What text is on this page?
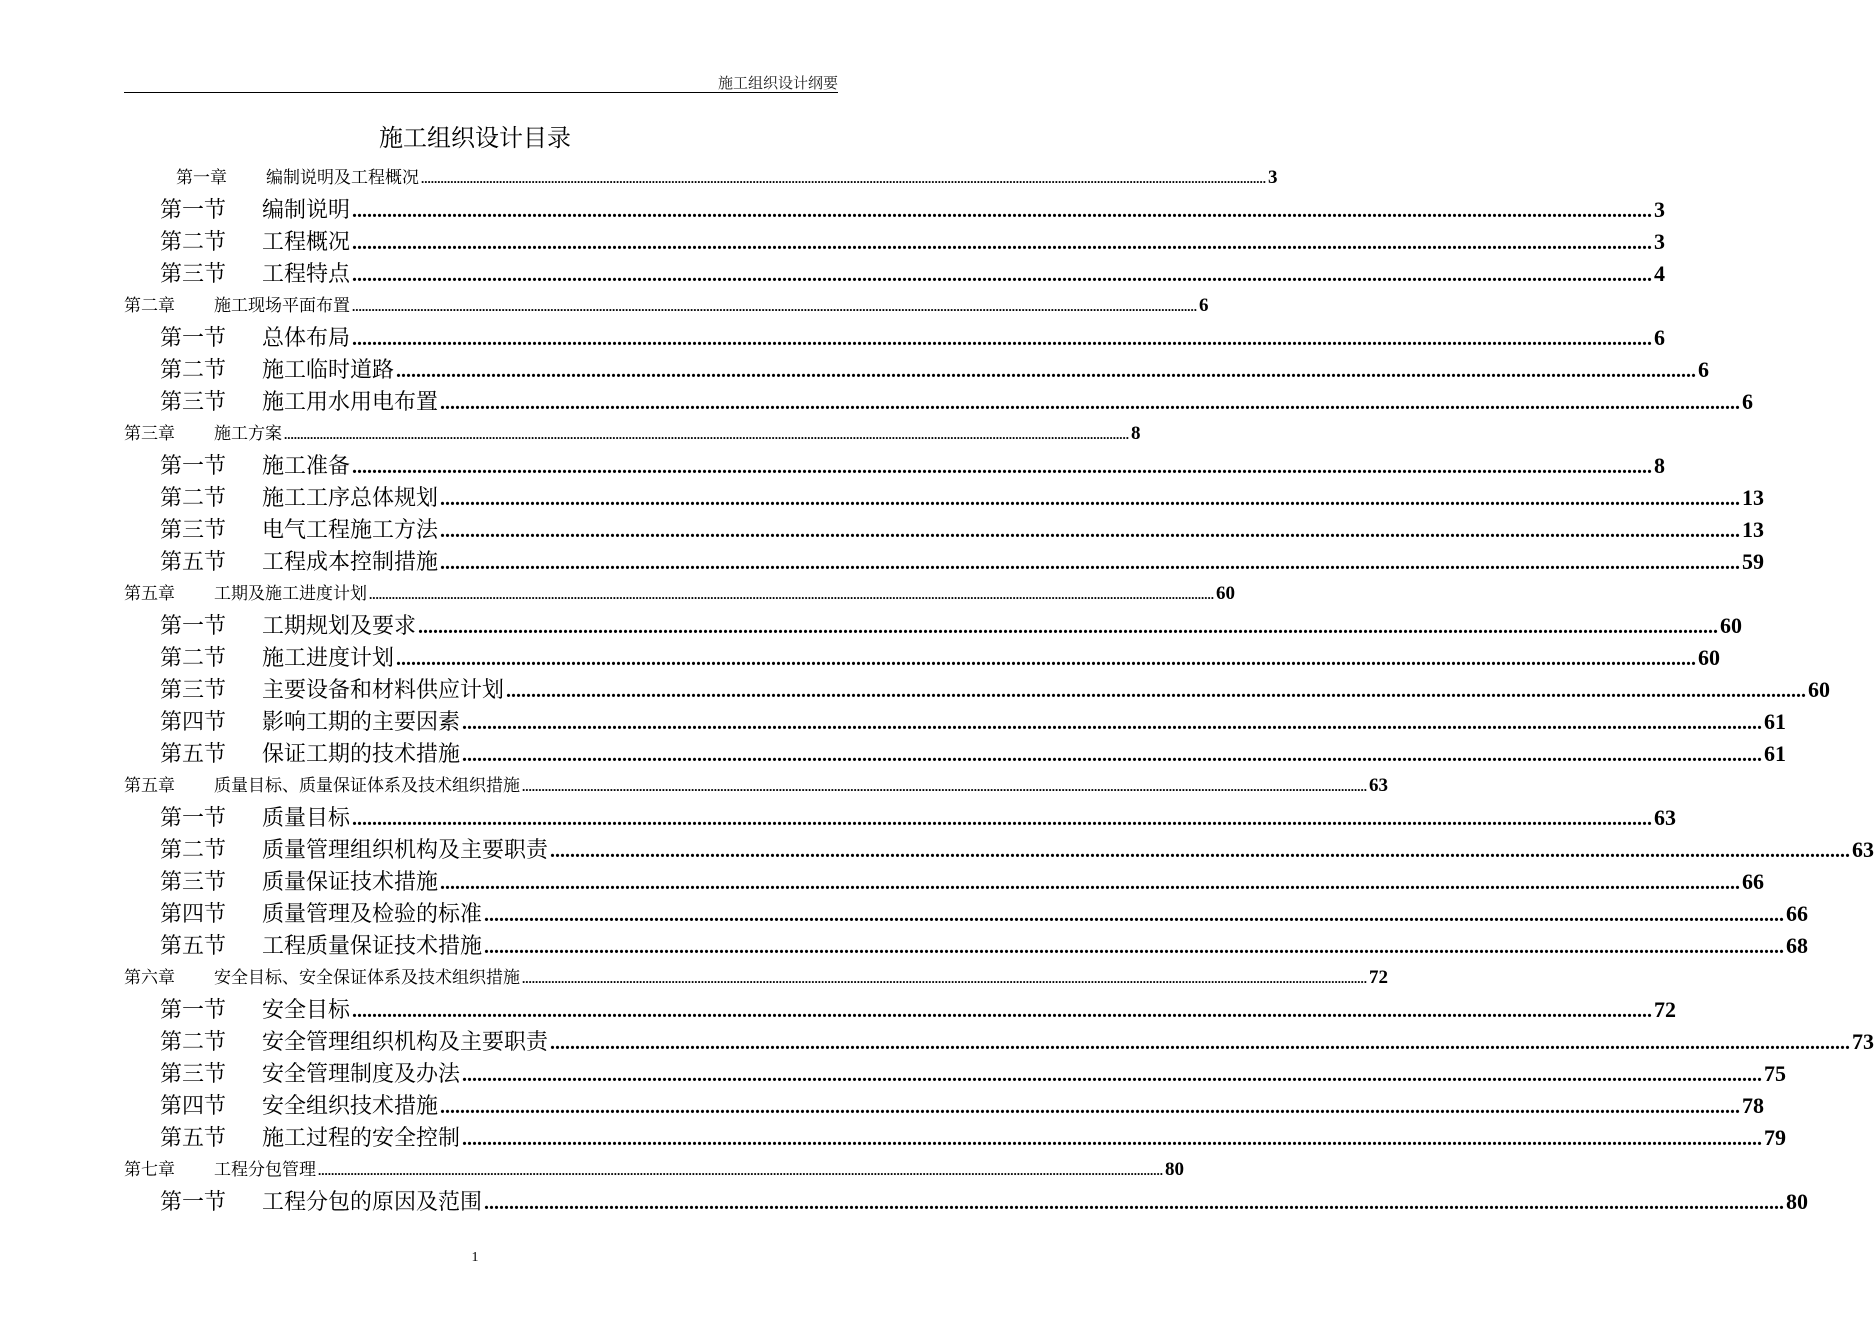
施工组织设计纲要
施工组织设计目录
第一章	编制说明及工程概况 .................................................................................................................................................................................................................................................................... 3
第一节	编制说明 .................................................................................................................................................................................................................................................................... 3
第二节	工程概况 .................................................................................................................................................................................................................................................................... 3
第三节	工程特点 .................................................................................................................................................................................................................................................................... 4
第二章	施工现场平面布置 .................................................................................................................................................................................................................................................................... 6
第一节	总体布局 .................................................................................................................................................................................................................................................................... 6
第二节	施工临时道路 .................................................................................................................................................................................................................................................................... 6
第三节	施工用水用电布置 .................................................................................................................................................................................................................................................................... 6
第三章	施工方案 .................................................................................................................................................................................................................................................................... 8
第一节	施工准备 .................................................................................................................................................................................................................................................................... 8
第二节	施工工序总体规划 .................................................................................................................................................................................................................................................................... 13
第三节	电气工程施工方法 .................................................................................................................................................................................................................................................................... 13
第五节	工程成本控制措施 .................................................................................................................................................................................................................................................................... 59
第五章	工期及施工进度计划 .................................................................................................................................................................................................................................................................... 60
第一节	工期规划及要求 .................................................................................................................................................................................................................................................................... 60
第二节	施工进度计划 .................................................................................................................................................................................................................................................................... 60
第三节	主要设备和材料供应计划 .................................................................................................................................................................................................................................................................... 60
第四节	影响工期的主要因素 .................................................................................................................................................................................................................................................................... 61
第五节	保证工期的技术措施 .................................................................................................................................................................................................................................................................... 61
第五章	质量目标、质量保证体系及技术组织措施 .................................................................................................................................................................................................................................................................... 63
第一节	质量目标 .................................................................................................................................................................................................................................................................... 63
第二节	质量管理组织机构及主要职责 .................................................................................................................................................................................................................................................................... 63
第三节	质量保证技术措施 .................................................................................................................................................................................................................................................................... 66
第四节	质量管理及检验的标准 .................................................................................................................................................................................................................................................................... 66
第五节	工程质量保证技术措施 .................................................................................................................................................................................................................................................................... 68
第六章	安全目标、安全保证体系及技术组织措施 .................................................................................................................................................................................................................................................................... 72
第一节	安全目标 .................................................................................................................................................................................................................................................................... 72
第二节	安全管理组织机构及主要职责 .................................................................................................................................................................................................................................................................... 73
第三节	安全管理制度及办法 .................................................................................................................................................................................................................................................................... 75
第四节	安全组织技术措施 .................................................................................................................................................................................................................................................................... 78
第五节	施工过程的安全控制 .................................................................................................................................................................................................................................................................... 79
第七章	工程分包管理 .................................................................................................................................................................................................................................................................... 80
第一节	工程分包的原因及范围 .................................................................................................................................................................................................................................................................... 80
1
